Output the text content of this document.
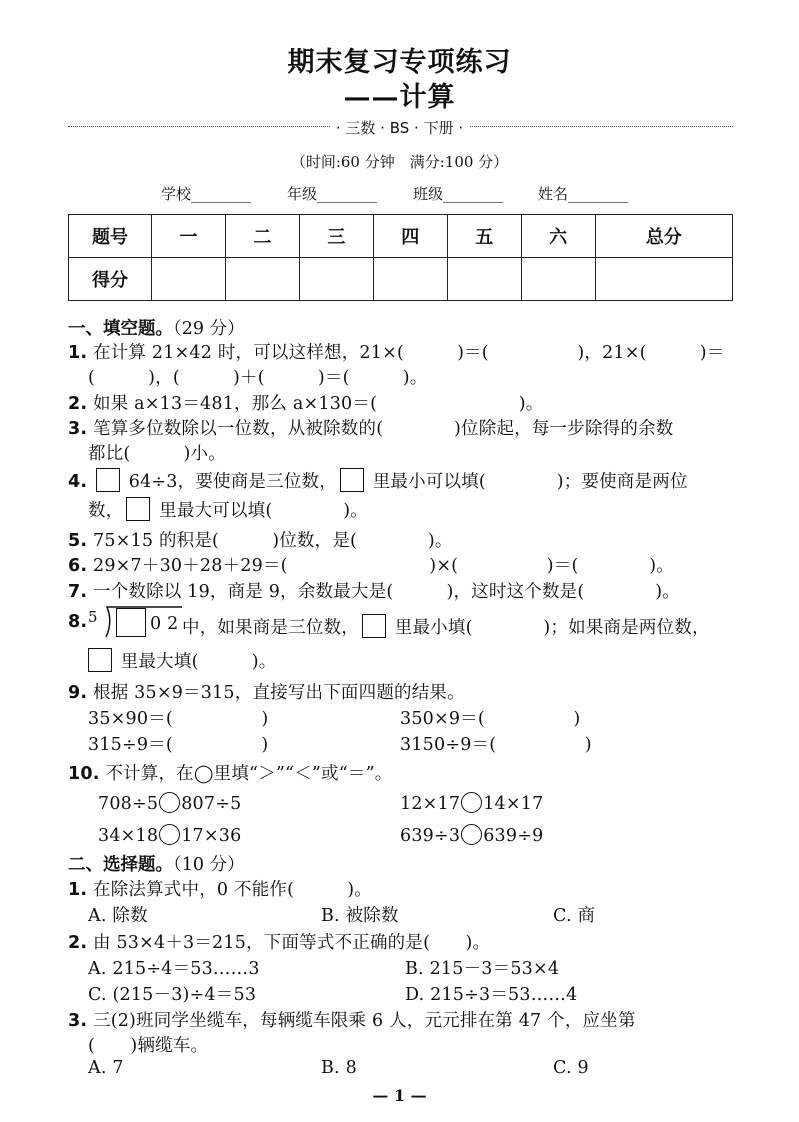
期末复习专项练习
——计算
· 三数 · BS · 下册 ·
（时间:60 分钟　满分:100 分）
学校________ 年级________ 班级________ 姓名________
题号	一	二	三	四	五	六	总分
得分							
一、填空题。（29 分）
1. 在计算 21×42 时，可以这样想，21×(　　　)＝(　　　　　)，21×(　　　)＝
(　　　)，(　　　)＋(　　　)＝(　　　)。
2. 如果 a×13＝481，那么 a×130＝(　　　　　　　　)。
3. 笔算多位数除以一位数，从被除数的(　　　　)位除起，每一步除得的余数
都比(　　　)小。
4. 64÷3，要使商是三位数， 里最小可以填(　　　　)；要使商是两位
数， 里最大可以填(　　　　)。
5. 75×15 的积是(　　　)位数，是(　　　　)。
6. 29×7＋30＋28＋29＝(　　　　　　　　)×(　　　　　)＝(　　　　)。
7. 一个数除以 19，商是 9，余数最大是(　　　)，这时这个数是(　　　　)。
8. 5	0 2 中，如果商是三位数， 里最小填(　　　　)；如果商是两位数，
里最大填(　　　)。
9. 根据 35×9＝315，直接写出下面四题的结果。
35×90＝(　　　　　)	350×9＝(　　　　　)
315÷9＝(　　　　　)	3150÷9＝(　　　　　)
10. 不计算，在◯里填“＞”“＜”或“＝”。
708÷5 807÷5	12×17 14×17
34×18 17×36	639÷3 639÷9
二、选择题。（10 分）
1. 在除法算式中，0 不能作(　　　)。
A. 除数	B. 被除数	C. 商
2. 由 53×4＋3＝215，下面等式不正确的是(　　)。
A. 215÷4＝53……3	B. 215－3＝53×4
C. (215－3)÷4＝53	D. 215÷3＝53……4
3. 三(2)班同学坐缆车，每辆缆车限乘 6 人，元元排在第 47 个，应坐第
(　　)辆缆车。
A. 7	B. 8	C. 9
— 1 —
